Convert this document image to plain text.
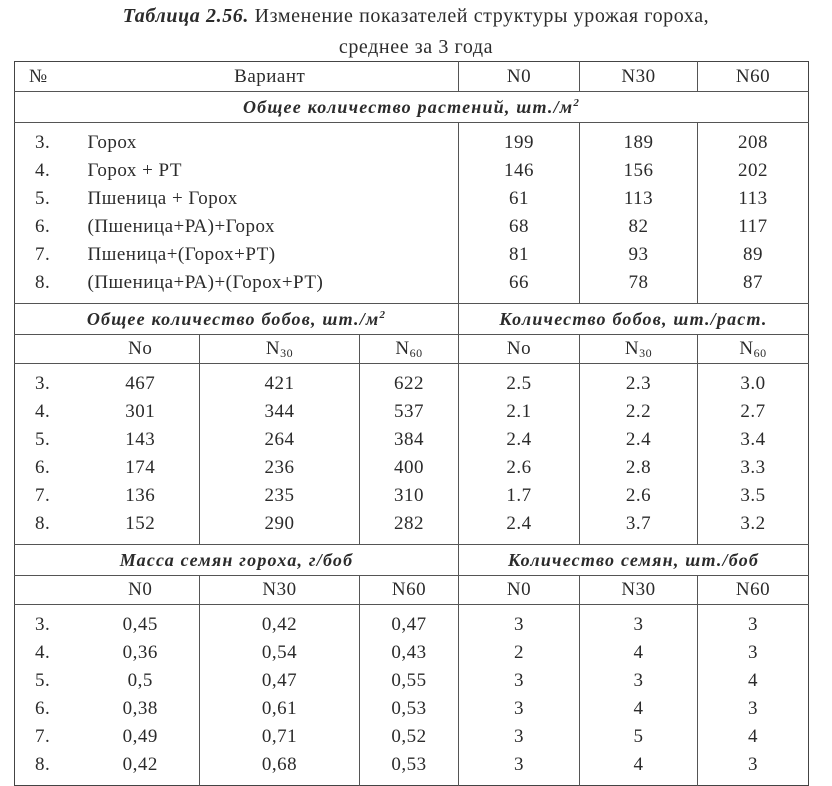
Таблица 2.56. Изменение показателей структуры урожая гороха,
среднее за 3 года
№	Вариант			N0	N30	N60
Общее количество растений, $шт./м^2$
3.	Горох			199	189	208
4.	Горох + РТ			146	156	202
5.	Пшеница + Горох			61	113	113
6.	(Пшеница+РА)+Горох			68	82	117
7.	Пшеница+(Горох+РТ)			81	93	89
8.	(Пшеница+РА)+(Горох+РТ)			66	78	87
Общее количество бобов, $шт./м^2$				Количество бобов, шт./раст.		
	No	$N_{30}$	$N_{60}$	No	$N_{30}$	$N_{60}$
3.	467	421	622	2.5	2.3	3.0
4.	301	344	537	2.1	2.2	2.7
5.	143	264	384	2.4	2.4	3.4
6.	174	236	400	2.6	2.8	3.3
7.	136	235	310	1.7	2.6	3.5
8.	152	290	282	2.4	3.7	3.2
Масса семян гороха, г/боб				Количество семян, шт./боб		
	N0	N30	N60	N0	N30	N60
3.	0,45	0,42	0,47	3	3	3
4.	0,36	0,54	0,43	2	4	3
5.	0,5	0,47	0,55	3	3	4
6.	0,38	0,61	0,53	3	4	3
7.	0,49	0,71	0,52	3	5	4
8.	0,42	0,68	0,53	3	4	3
